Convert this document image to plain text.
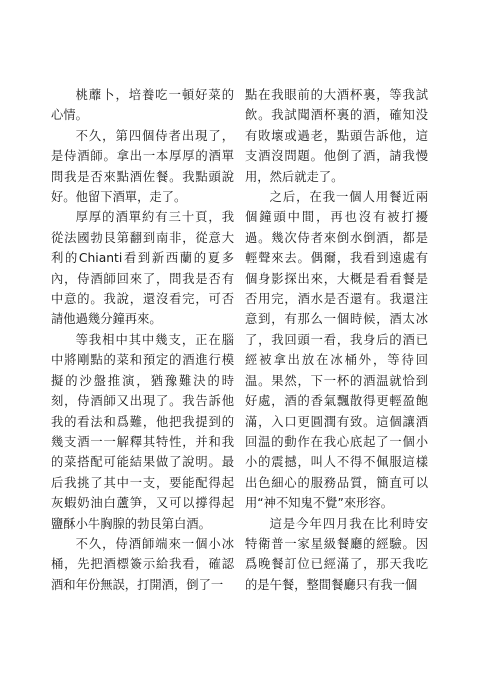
桃蘼卜，培養吃一頓好菜的心情。

不久，第四個侍者出現了，是侍酒師。拿出一本厚厚的酒單問我是否來點酒佐餐。我點頭說好。他留下酒單，走了。

厚厚的酒單約有三十頁，我從法國勃艮第翻到南非，從意大利的Chianti看到新西蘭的夏多內，侍酒師回來了，問我是否有中意的。我說，還沒看完，可否請他過幾分鐘再來。

等我相中其中幾支，正在腦中將剛點的菜和預定的酒進行模擬的沙盤推演，猶豫難決的時刻，侍酒師又出現了。我告訴他我的看法和爲難，他把我提到的幾支酒一一解釋其特性，并和我的菜搭配可能結果做了說明。最后我挑了其中一支，要能配得起灰蝦奶油白蘆笋，又可以撐得起鹽酥小牛胸腺的勃艮第白酒。

不久，侍酒師端來一個小冰桶，先把酒標簽示給我看，確認酒和年份無誤，打開酒，倒了一

點在我眼前的大酒杯裏，等我試飲。我試聞酒杯裏的酒，確知没有敗壞或過老，點頭告訴他，這支酒沒問題。他倒了酒，請我慢用，然后就走了。

之后，在我一個人用餐近兩個鐘頭中間，再也沒有被打擾過。幾次侍者來倒水倒酒，都是輕聲來去。偶爾，我看到遠處有個身影探出來，大概是看看餐是否用完，酒水是否還有。我還注意到，有那么一個時候，酒太冰了，我回頭一看，我身后的酒已經被拿出放在冰桶外，等待回温。果然，下一杯的酒温就恰到好處，酒的香氣飄散得更輕盈飽滿，入口更圓潤有致。這個讓酒回温的動作在我心底起了一個小小的震撼，叫人不得不佩服這樣出色細心的服務品質，簡直可以用“神不知鬼不覺”來形容。

這是今年四月我在比利時安特衛普一家星級餐廳的經驗。因爲晚餐訂位已經滿了，那天我吃的是午餐，整間餐廳只有我一個
